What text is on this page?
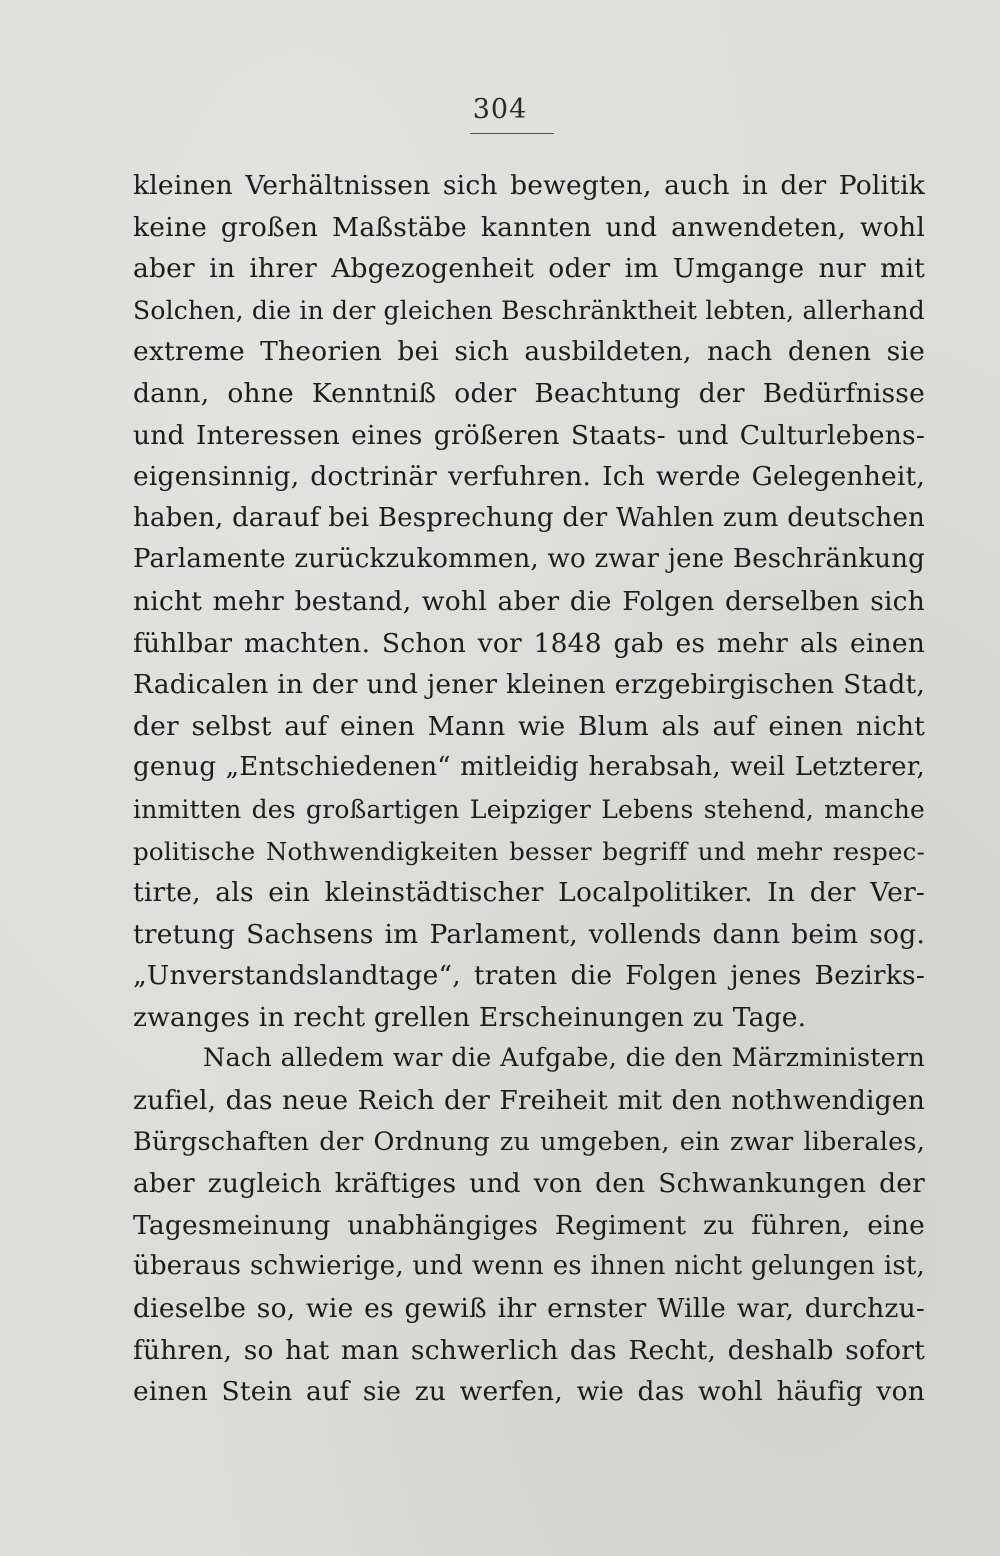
304
kleinen Verhältnissen sich bewegten, auch in der Politik
keine großen Maßstäbe kannten und anwendeten, wohl
aber in ihrer Abgezogenheit oder im Umgange nur mit
Solchen, die in der gleichen Beschränktheit lebten, allerhand
extreme Theorien bei sich ausbildeten, nach denen sie
dann, ohne Kenntniß oder Beachtung der Bedürfnisse
und Interessen eines größeren Staats- und Culturlebens-
eigensinnig, doctrinär verfuhren. Ich werde Gelegenheit,
haben, darauf bei Besprechung der Wahlen zum deutschen
Parlamente zurückzukommen, wo zwar jene Beschränkung
nicht mehr bestand, wohl aber die Folgen derselben sich
fühlbar machten. Schon vor 1848 gab es mehr als einen
Radicalen in der und jener kleinen erzgebirgischen Stadt,
der selbst auf einen Mann wie Blum als auf einen nicht
genug „Entschiedenen“ mitleidig herabsah, weil Letzterer,
inmitten des großartigen Leipziger Lebens stehend, manche
politische Nothwendigkeiten besser begriff und mehr respec-
tirte, als ein kleinstädtischer Localpolitiker. In der Ver-
tretung Sachsens im Parlament, vollends dann beim sog.
„Unverstandslandtage“, traten die Folgen jenes Bezirks-
zwanges in recht grellen Erscheinungen zu Tage.
Nach alledem war die Aufgabe, die den Märzministern
zufiel, das neue Reich der Freiheit mit den nothwendigen
Bürgschaften der Ordnung zu umgeben, ein zwar liberales,
aber zugleich kräftiges und von den Schwankungen der
Tagesmeinung unabhängiges Regiment zu führen, eine
überaus schwierige, und wenn es ihnen nicht gelungen ist,
dieselbe so, wie es gewiß ihr ernster Wille war, durchzu-
führen, so hat man schwerlich das Recht, deshalb sofort
einen Stein auf sie zu werfen, wie das wohl häufig von
